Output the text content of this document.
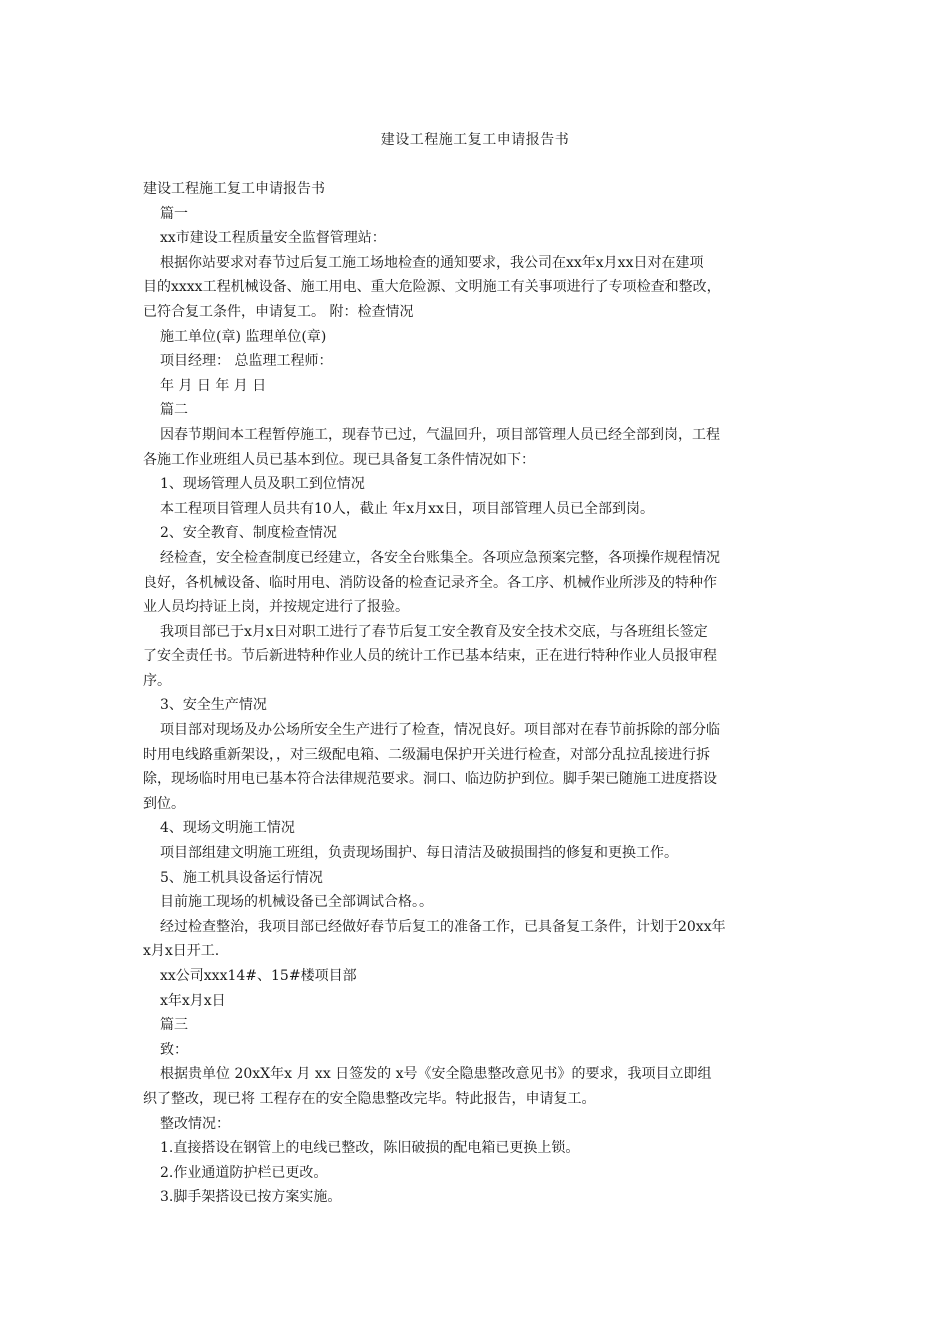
建设工程施工复工申请报告书

建设工程施工复工申请报告书

篇一

xx市建设工程质量安全监督管理站：

根据你站要求对春节过后复工施工场地检查的通知要求，我公司在xx年x月xx日对在建项

目的xxxx工程机械设备、施工用电、重大危险源、文明施工有关事项进行了专项检查和整改，

已符合复工条件，申请复工。 附：检查情况

施工单位(章) 监理单位(章)

项目经理： 总监理工程师：

年 月 日 年 月 日

篇二

因春节期间本工程暂停施工，现春节已过，气温回升，项目部管理人员已经全部到岗，工程

各施工作业班组人员已基本到位。现已具备复工条件情况如下：

1、现场管理人员及职工到位情况

本工程项目管理人员共有10人，截止 年x月xx日，项目部管理人员已全部到岗。

2、安全教育、制度检查情况

经检查，安全检查制度已经建立，各安全台账集全。各项应急预案完整，各项操作规程情况

良好，各机械设备、临时用电、消防设备的检查记录齐全。各工序、机械作业所涉及的特种作

业人员均持证上岗，并按规定进行了报验。

我项目部已于x月x日对职工进行了春节后复工安全教育及安全技术交底，与各班组长签定

了安全责任书。节后新进特种作业人员的统计工作已基本结束，正在进行特种作业人员报审程

序。

3、安全生产情况

项目部对现场及办公场所安全生产进行了检查，情况良好。项目部对在春节前拆除的部分临

时用电线路重新架设，，对三级配电箱、二级漏电保护开关进行检查，对部分乱拉乱接进行拆

除，现场临时用电已基本符合法律规范要求。洞口、临边防护到位。脚手架已随施工进度搭设

到位。

4、现场文明施工情况

项目部组建文明施工班组，负责现场围护、每日清洁及破损围挡的修复和更换工作。

5、施工机具设备运行情况

目前施工现场的机械设备已全部调试合格。。

经过检查整治，我项目部已经做好春节后复工的准备工作，已具备复工条件，计划于20xx年

x月x日开工.

xx公司xxx14#、15#楼项目部

x年x月x日

篇三

致：

根据贵单位 20xX年x 月 xx 日签发的 x号《安全隐患整改意见书》的要求，我项目立即组

织了整改，现已将 工程存在的安全隐患整改完毕。特此报告，申请复工。

整改情况：

1.直接搭设在钢管上的电线已整改，陈旧破损的配电箱已更换上锁。

2.作业通道防护栏已更改。

3.脚手架搭设已按方案实施。
